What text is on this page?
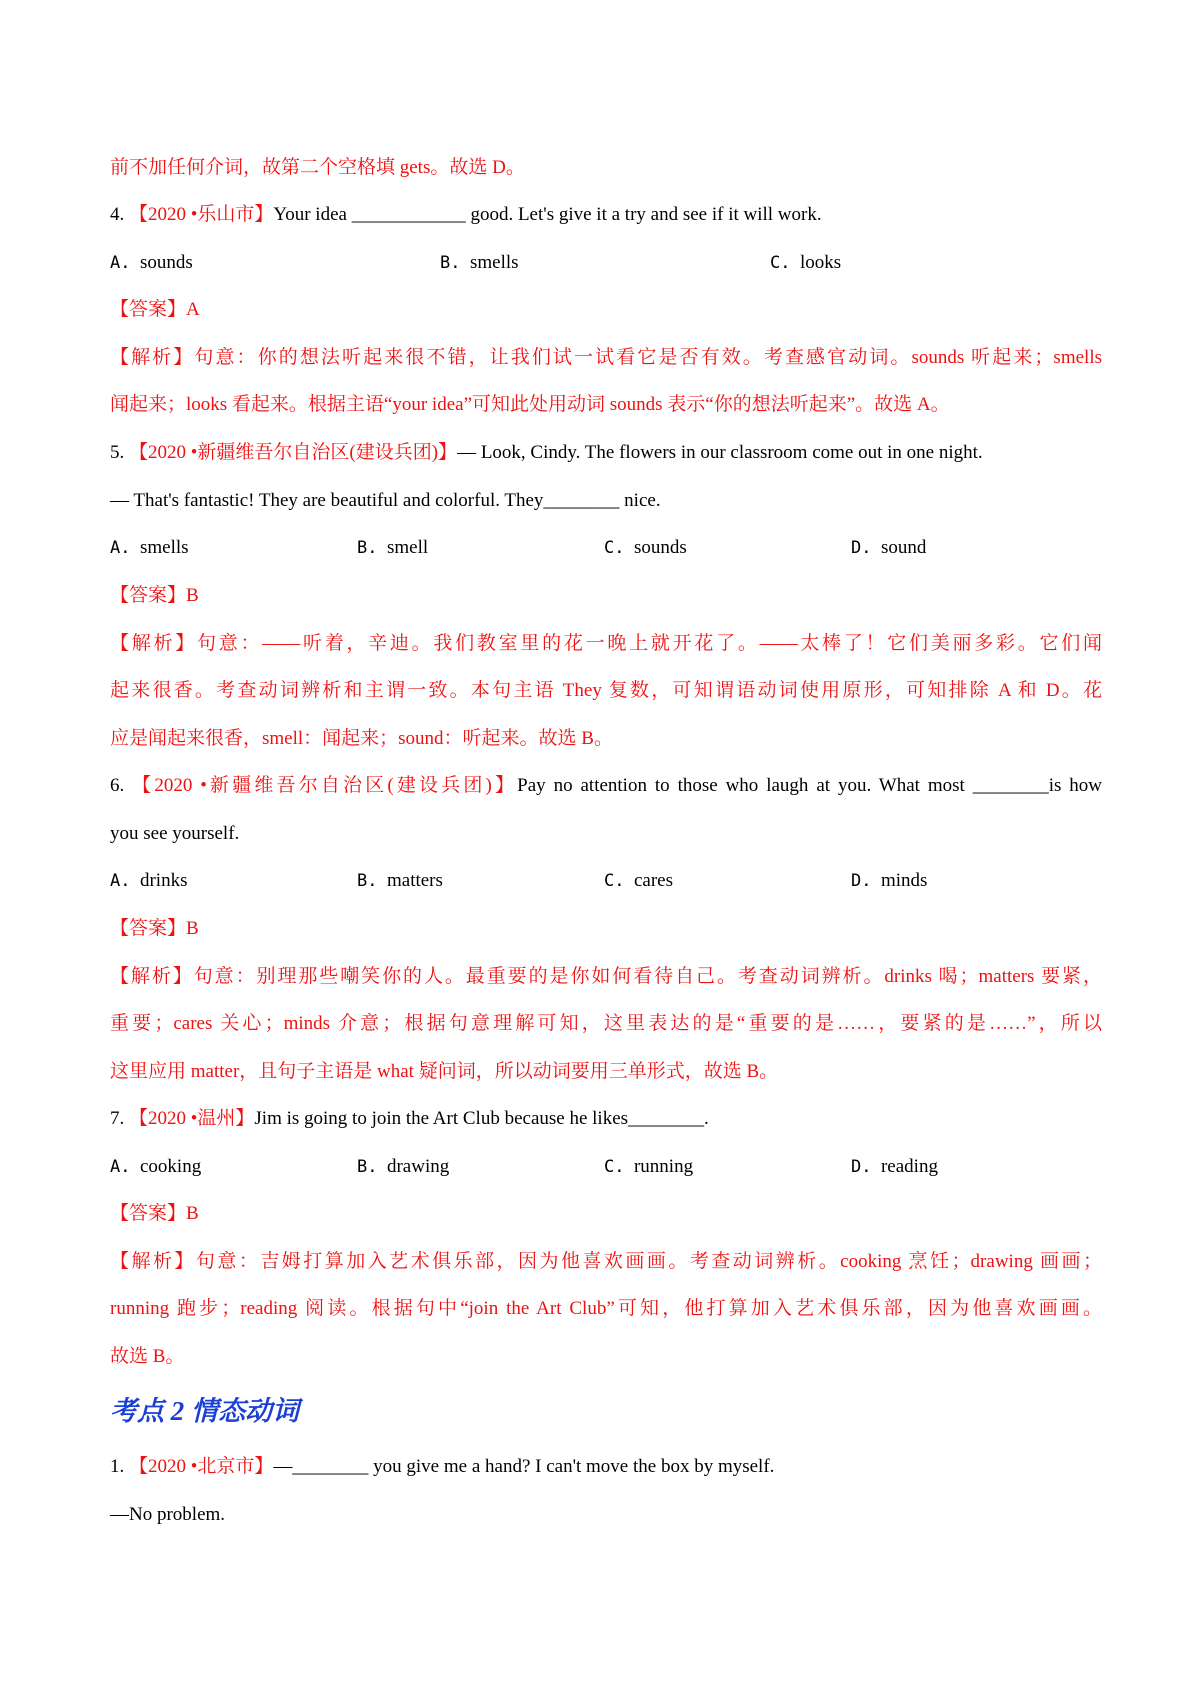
前不加任何介词，故第二个空格填 gets。故选 D。
4. 【2020 •乐山市】Your idea ____________ good. Let's give it a try and see if it will work.
A. sounds	B. smells	C. looks
【答案】A
【解析】句意：你的想法听起来很不错，让我们试一试看它是否有效。考查感官动词。sounds 听起来；smells
闻起来；looks 看起来。根据主语“your idea”可知此处用动词 sounds 表示“你的想法听起来”。故选 A。
5. 【2020 •新疆维吾尔自治区(建设兵团)】— Look, Cindy. The flowers in our classroom come out in one night.
— That's fantastic! They are beautiful and colorful. They________ nice.
A. smells	B. smell	C. sounds	D. sound
【答案】B
【解析】句意：——听着，辛迪。我们教室里的花一晚上就开花了。——太棒了！它们美丽多彩。它们闻
起来很香。考查动词辨析和主谓一致。本句主语 They 复数，可知谓语动词使用原形，可知排除 A 和 D。花
应是闻起来很香，smell：闻起来；sound：听起来。故选 B。
6. 【2020 •新疆维吾尔自治区(建设兵团)】Pay no attention to those who laugh at you. What most ________is how
you see yourself.
A. drinks	B. matters	C. cares	D. minds
【答案】B
【解析】句意：别理那些嘲笑你的人。最重要的是你如何看待自己。考查动词辨析。drinks 喝；matters 要紧，
重要；cares 关心；minds 介意；根据句意理解可知，这里表达的是“重要的是……，要紧的是……”，所以
这里应用 matter，且句子主语是 what 疑问词，所以动词要用三单形式，故选 B。
7. 【2020 •温州】Jim is going to join the Art Club because he likes________.
A. cooking	B. drawing	C. running	D. reading
【答案】B
【解析】句意：吉姆打算加入艺术俱乐部，因为他喜欢画画。考查动词辨析。cooking 烹饪；drawing 画画；
running 跑步；reading 阅读。根据句中“join the Art Club”可知，他打算加入艺术俱乐部，因为他喜欢画画。
故选 B。
考点 2 情态动词
1. 【2020 •北京市】—________ you give me a hand? I can't move the box by myself.
—No problem.
